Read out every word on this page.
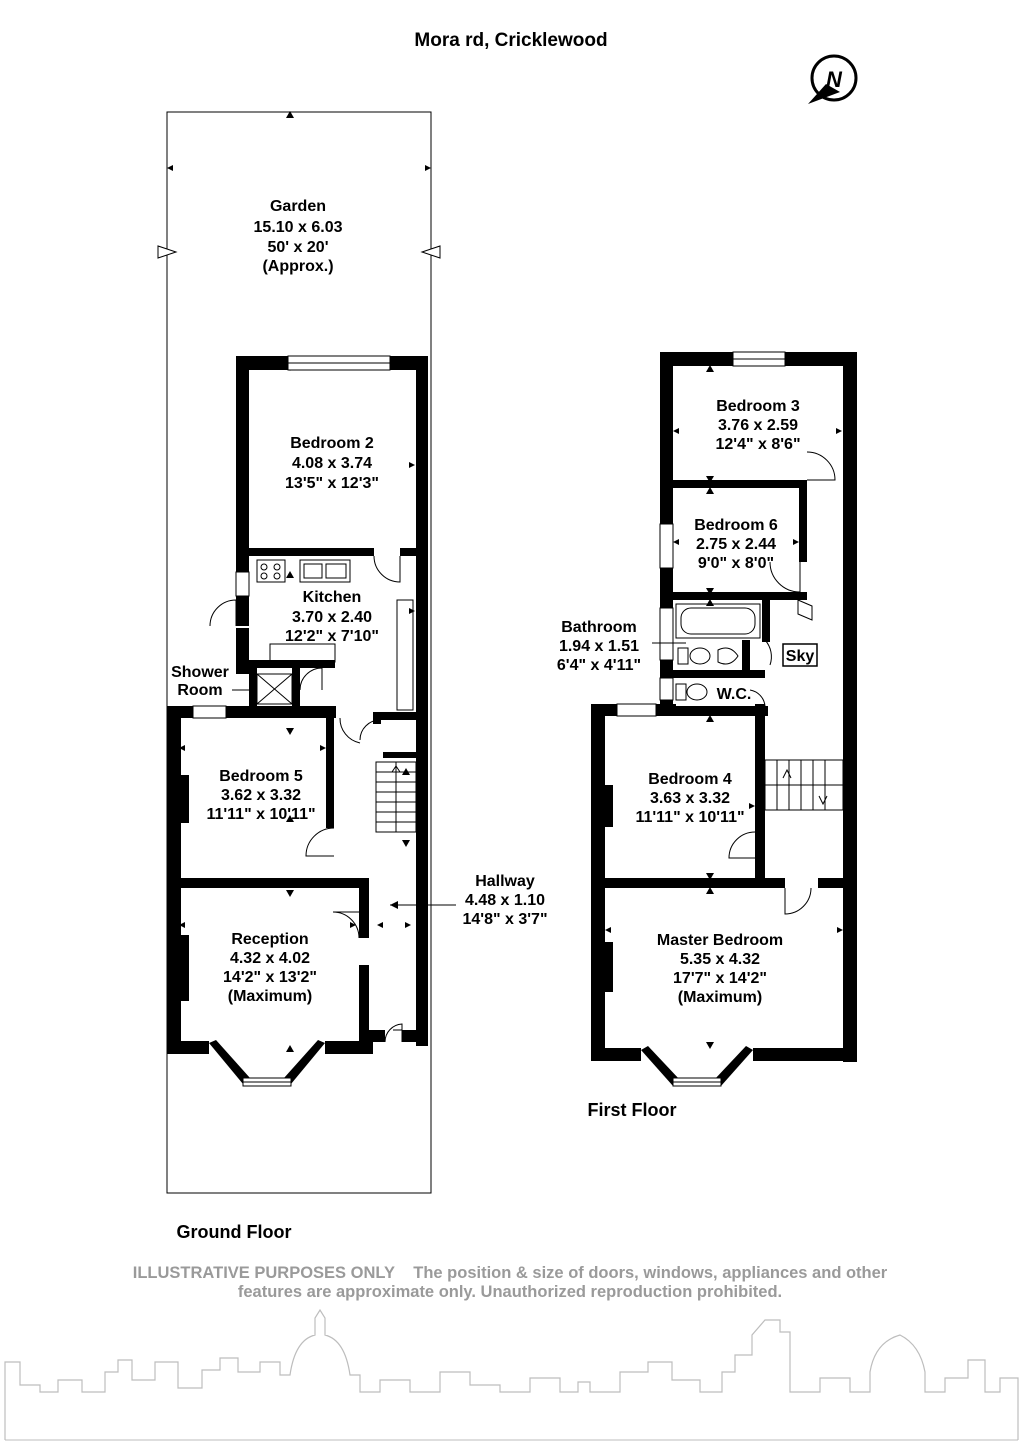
Mora rd, Cricklewood
N
Garden
15.10 x 6.03
50' x 20'
(Approx.)
Bedroom 2
4.08 x 3.74
13'5" x 12'3"
Kitchen
3.70 x 2.40
12'2" x 7'10"
Shower
Room
Bedroom 5
3.62 x 3.32
11'11" x 10'11"
Reception
4.32 x 4.02
14'2" x 13'2"
(Maximum)
Hallway
4.48 x 1.10
14'8" x 3'7"
Ground Floor
Bedroom 3
3.76 x 2.59
12'4" x 8'6"
Bedroom 6
2.75 x 2.44
9'0" x 8'0"
Bathroom
1.94 x 1.51
6'4" x 4'11"
Sky
W.C.
Bedroom 4
3.63 x 3.32
11'11" x 10'11"
Master Bedroom
5.35 x 4.32
17'7" x 14'2"
(Maximum)
First Floor
ILLUSTRATIVE PURPOSES ONLY The position & size of doors, windows, appliances and other
features are approximate only. Unauthorized reproduction prohibited.
